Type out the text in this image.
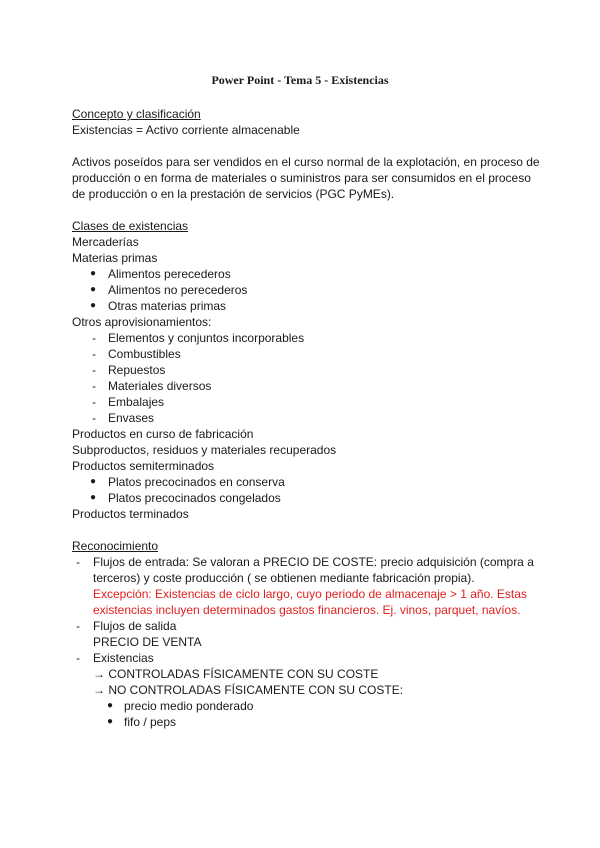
Power Point - Tema 5 - Existencias
Concepto y clasificación
Existencias = Activo corriente almacenable
Activos poseídos para ser vendidos en el curso normal de la explotación, en proceso de
producción o en forma de materiales o suministros para ser consumidos en el proceso
de producción o en la prestación de servicios (PGC PyMEs).
Clases de existencias
Mercaderías
Materias primas
● Alimentos perecederos
● Alimentos no perecederos
● Otras materias primas
Otros aprovisionamientos:
- Elementos y conjuntos incorporables
- Combustibles
- Repuestos
- Materiales diversos
- Embalajes
- Envases
Productos en curso de fabricación
Subproductos, residuos y materiales recuperados
Productos semiterminados
● Platos precocinados en conserva
● Platos precocinados congelados
Productos terminados
Reconocimiento
- Flujos de entrada: Se valoran a PRECIO DE COSTE: precio adquisición (compra a
terceros) y coste producción ( se obtienen mediante fabricación propia).
Excepción: Existencias de ciclo largo, cuyo periodo de almacenaje > 1 año. Estas
existencias incluyen determinados gastos financieros. Ej. vinos, parquet, navíos.
- Flujos de salida
PRECIO DE VENTA
- Existencias
→ CONTROLADAS FÍSICAMENTE CON SU COSTE
→ NO CONTROLADAS FÍSICAMENTE CON SU COSTE:
● precio medio ponderado
● fifo / peps
